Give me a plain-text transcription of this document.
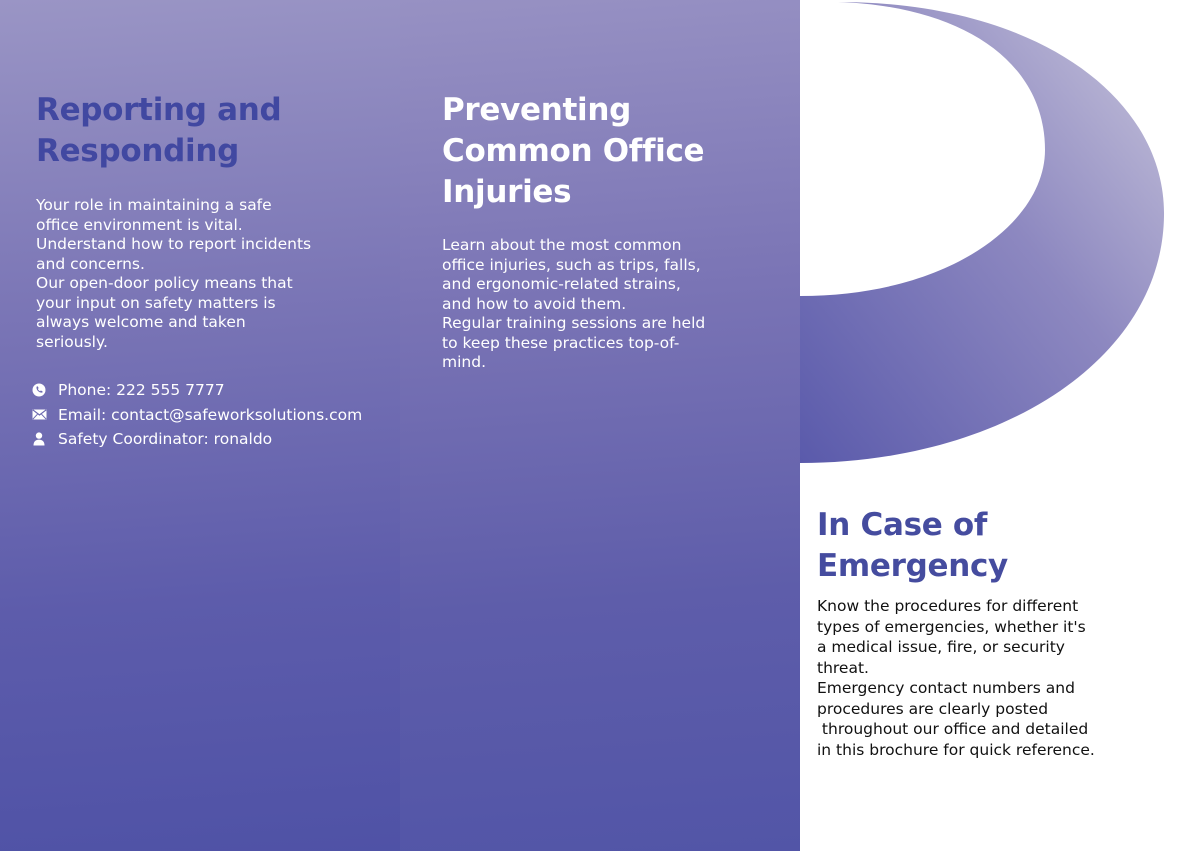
Reporting and
Responding
Your role in maintaining a safe
office environment is vital.
Understand how to report incidents
and concerns.
Our open-door policy means that
your input on safety matters is
always welcome and taken
seriously.
Phone: 222 555 7777
Email: contact@safeworksolutions.com
Safety Coordinator: ronaldo
Preventing
Common Office
Injuries
Learn about the most common
office injuries, such as trips, falls,
and ergonomic-related strains,
and how to avoid them.
Regular training sessions are held
to keep these practices top-of-
mind.
In Case of
Emergency
Know the procedures for different
types of emergencies, whether it's
a medical issue, fire, or security
threat.
Emergency contact numbers and
procedures are clearly posted
throughout our office and detailed
in this brochure for quick reference.
